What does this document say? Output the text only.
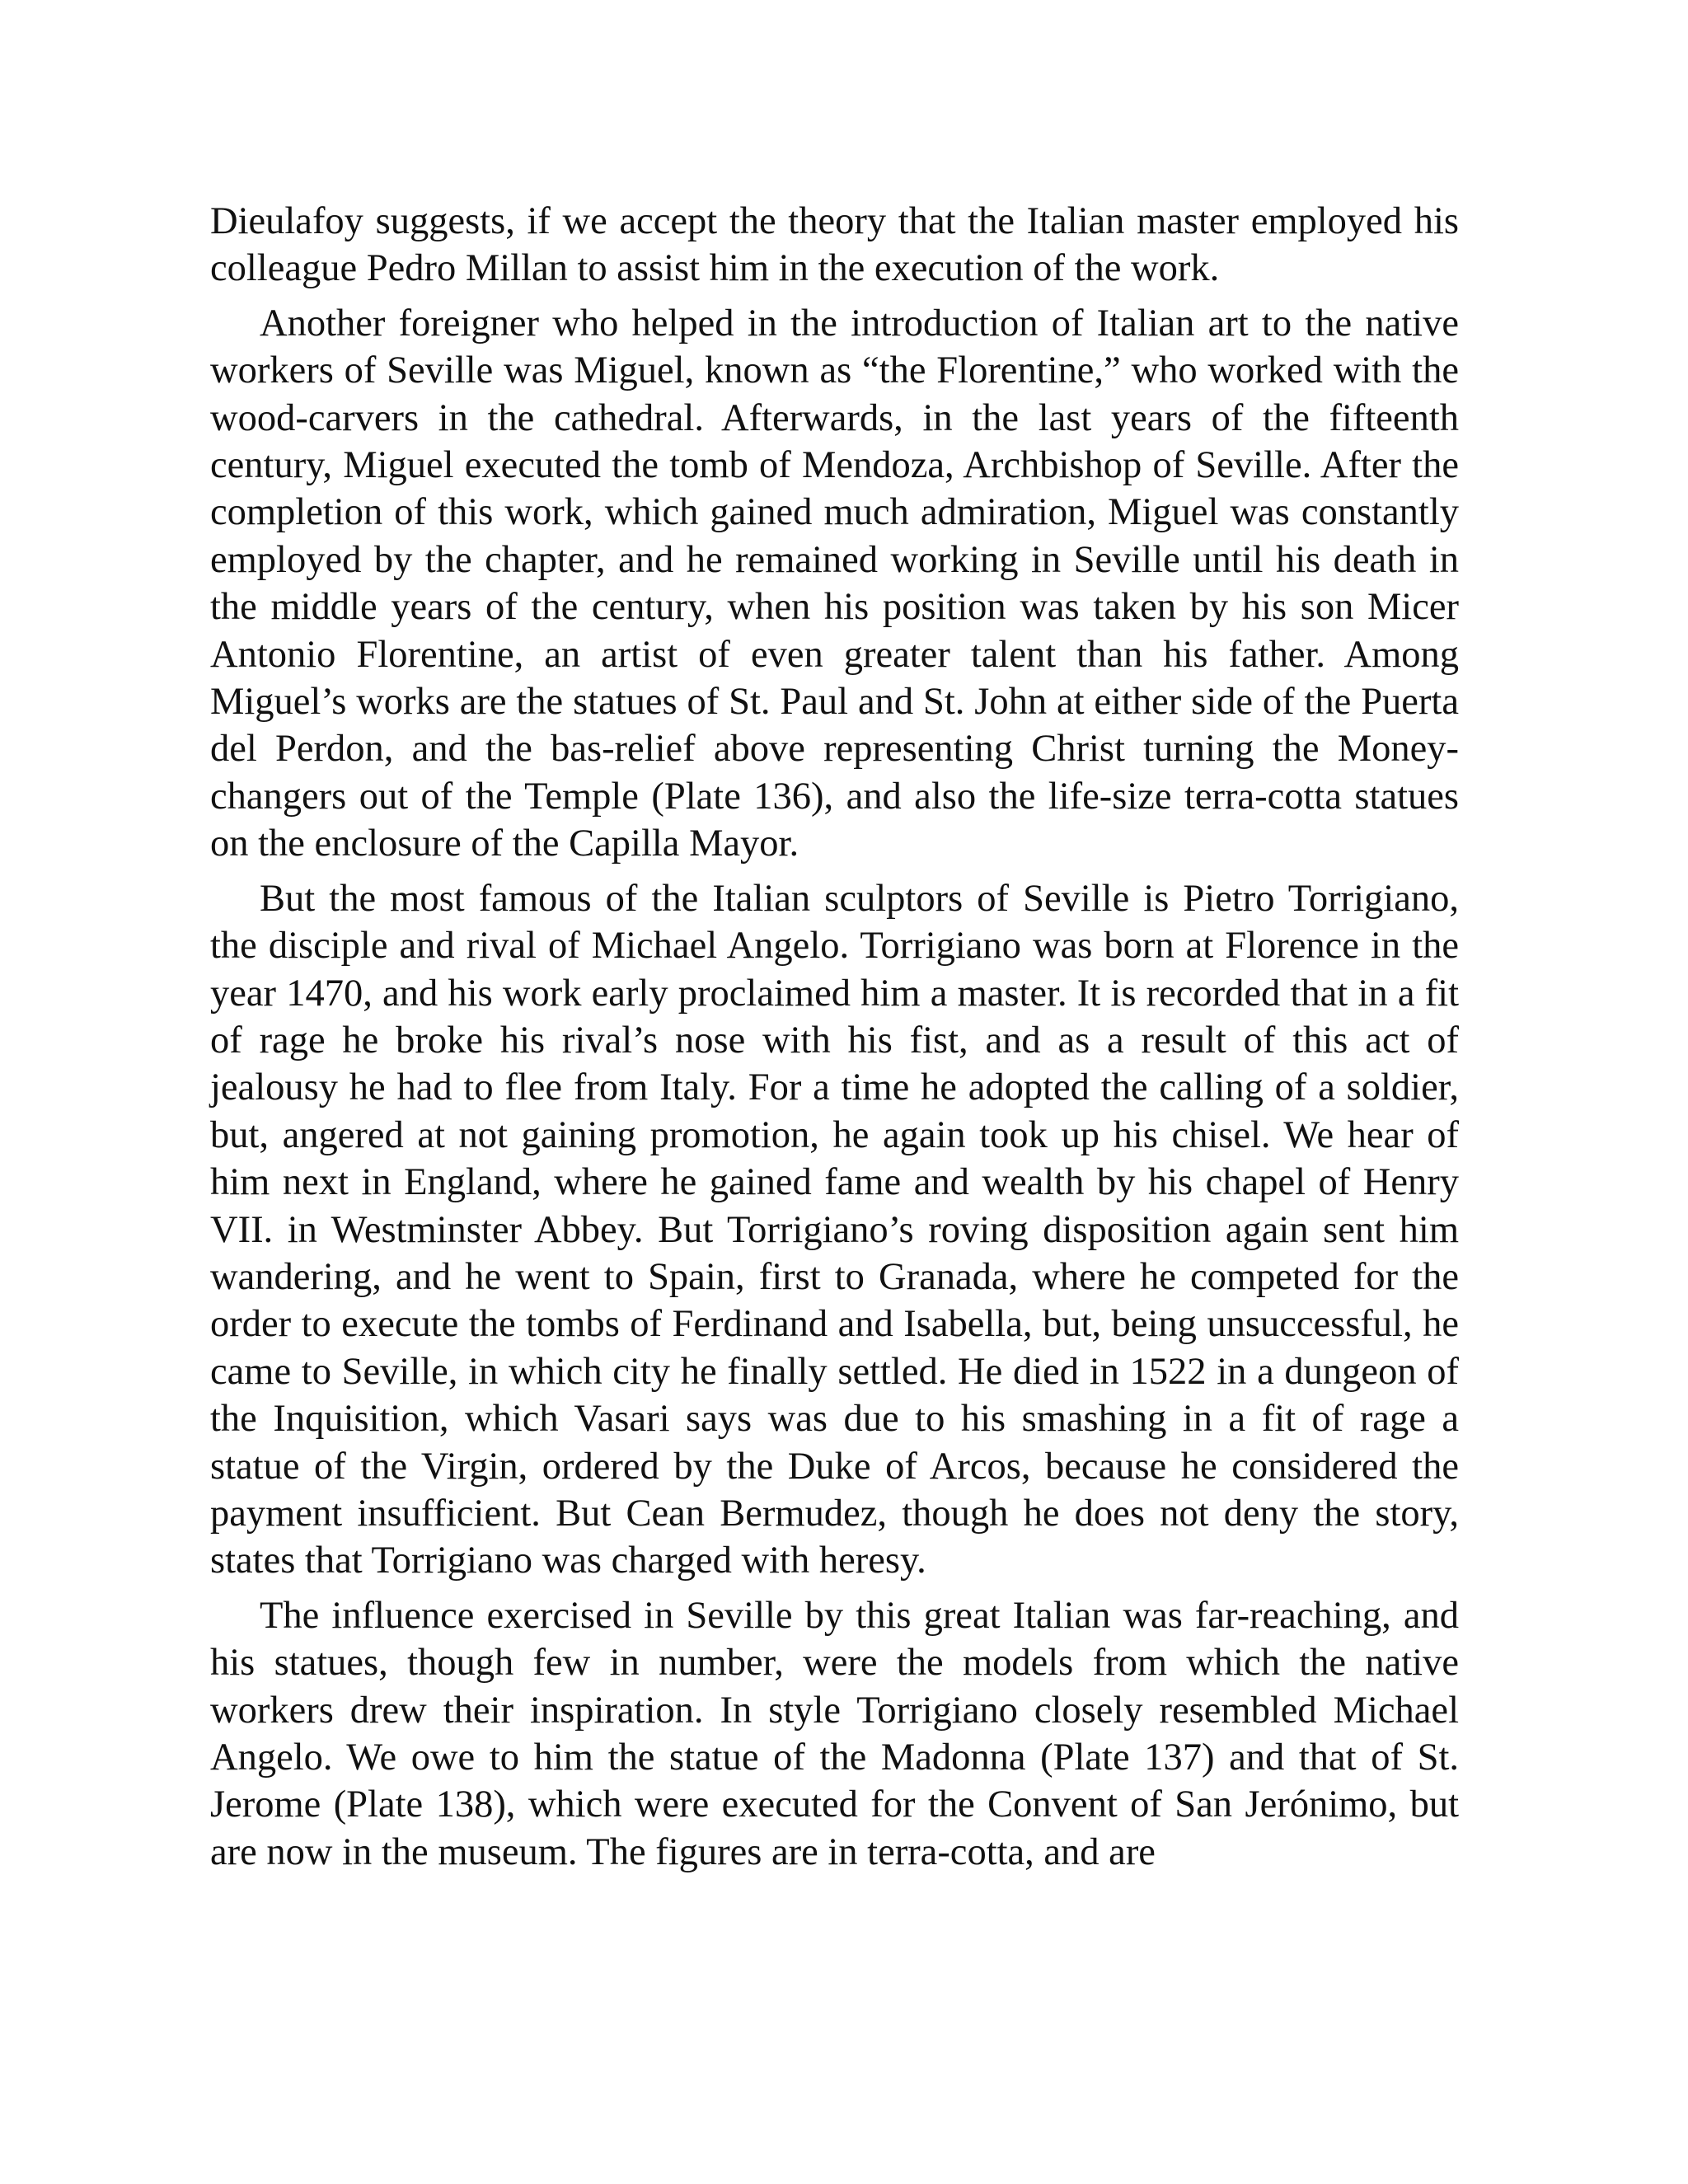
Dieulafoy suggests, if we accept the theory that the Italian master employed his colleague Pedro Millan to assist him in the execution of the work.

Another foreigner who helped in the introduction of Italian art to the native workers of Seville was Miguel, known as “the Florentine,” who worked with the wood-carvers in the cathedral. Afterwards, in the last years of the fifteenth century, Miguel executed the tomb of Mendoza, Archbishop of Seville. After the completion of this work, which gained much admiration, Miguel was constantly employed by the chapter, and he remained working in Seville until his death in the middle years of the century, when his position was taken by his son Micer Antonio Florentine, an artist of even greater talent than his father. Among Miguel’s works are the statues of St. Paul and St. John at either side of the Puerta del Perdon, and the bas-relief above representing Christ turning the Money-changers out of the Temple (Plate 136), and also the life-size terra-cotta statues on the enclosure of the Capilla Mayor.

But the most famous of the Italian sculptors of Seville is Pietro Torrigiano, the disciple and rival of Michael Angelo. Torrigiano was born at Florence in the year 1470, and his work early proclaimed him a master. It is recorded that in a fit of rage he broke his rival’s nose with his fist, and as a result of this act of jealousy he had to flee from Italy. For a time he adopted the calling of a soldier, but, angered at not gaining promotion, he again took up his chisel. We hear of him next in England, where he gained fame and wealth by his chapel of Henry VII. in Westminster Abbey. But Torrigiano’s roving disposition again sent him wandering, and he went to Spain, first to Granada, where he competed for the order to execute the tombs of Ferdinand and Isabella, but, being unsuccessful, he came to Seville, in which city he finally settled. He died in 1522 in a dungeon of the Inquisition, which Vasari says was due to his smashing in a fit of rage a statue of the Virgin, ordered by the Duke of Arcos, because he considered the payment insufficient. But Cean Bermudez, though he does not deny the story, states that Torrigiano was charged with heresy.

The influence exercised in Seville by this great Italian was far-reaching, and his statues, though few in number, were the models from which the native workers drew their inspiration. In style Torrigiano closely resembled Michael Angelo. We owe to him the statue of the Madonna (Plate 137) and that of St. Jerome (Plate 138), which were executed for the Convent of San Jerónimo, but are now in the museum. The figures are in terra-cotta, and are
